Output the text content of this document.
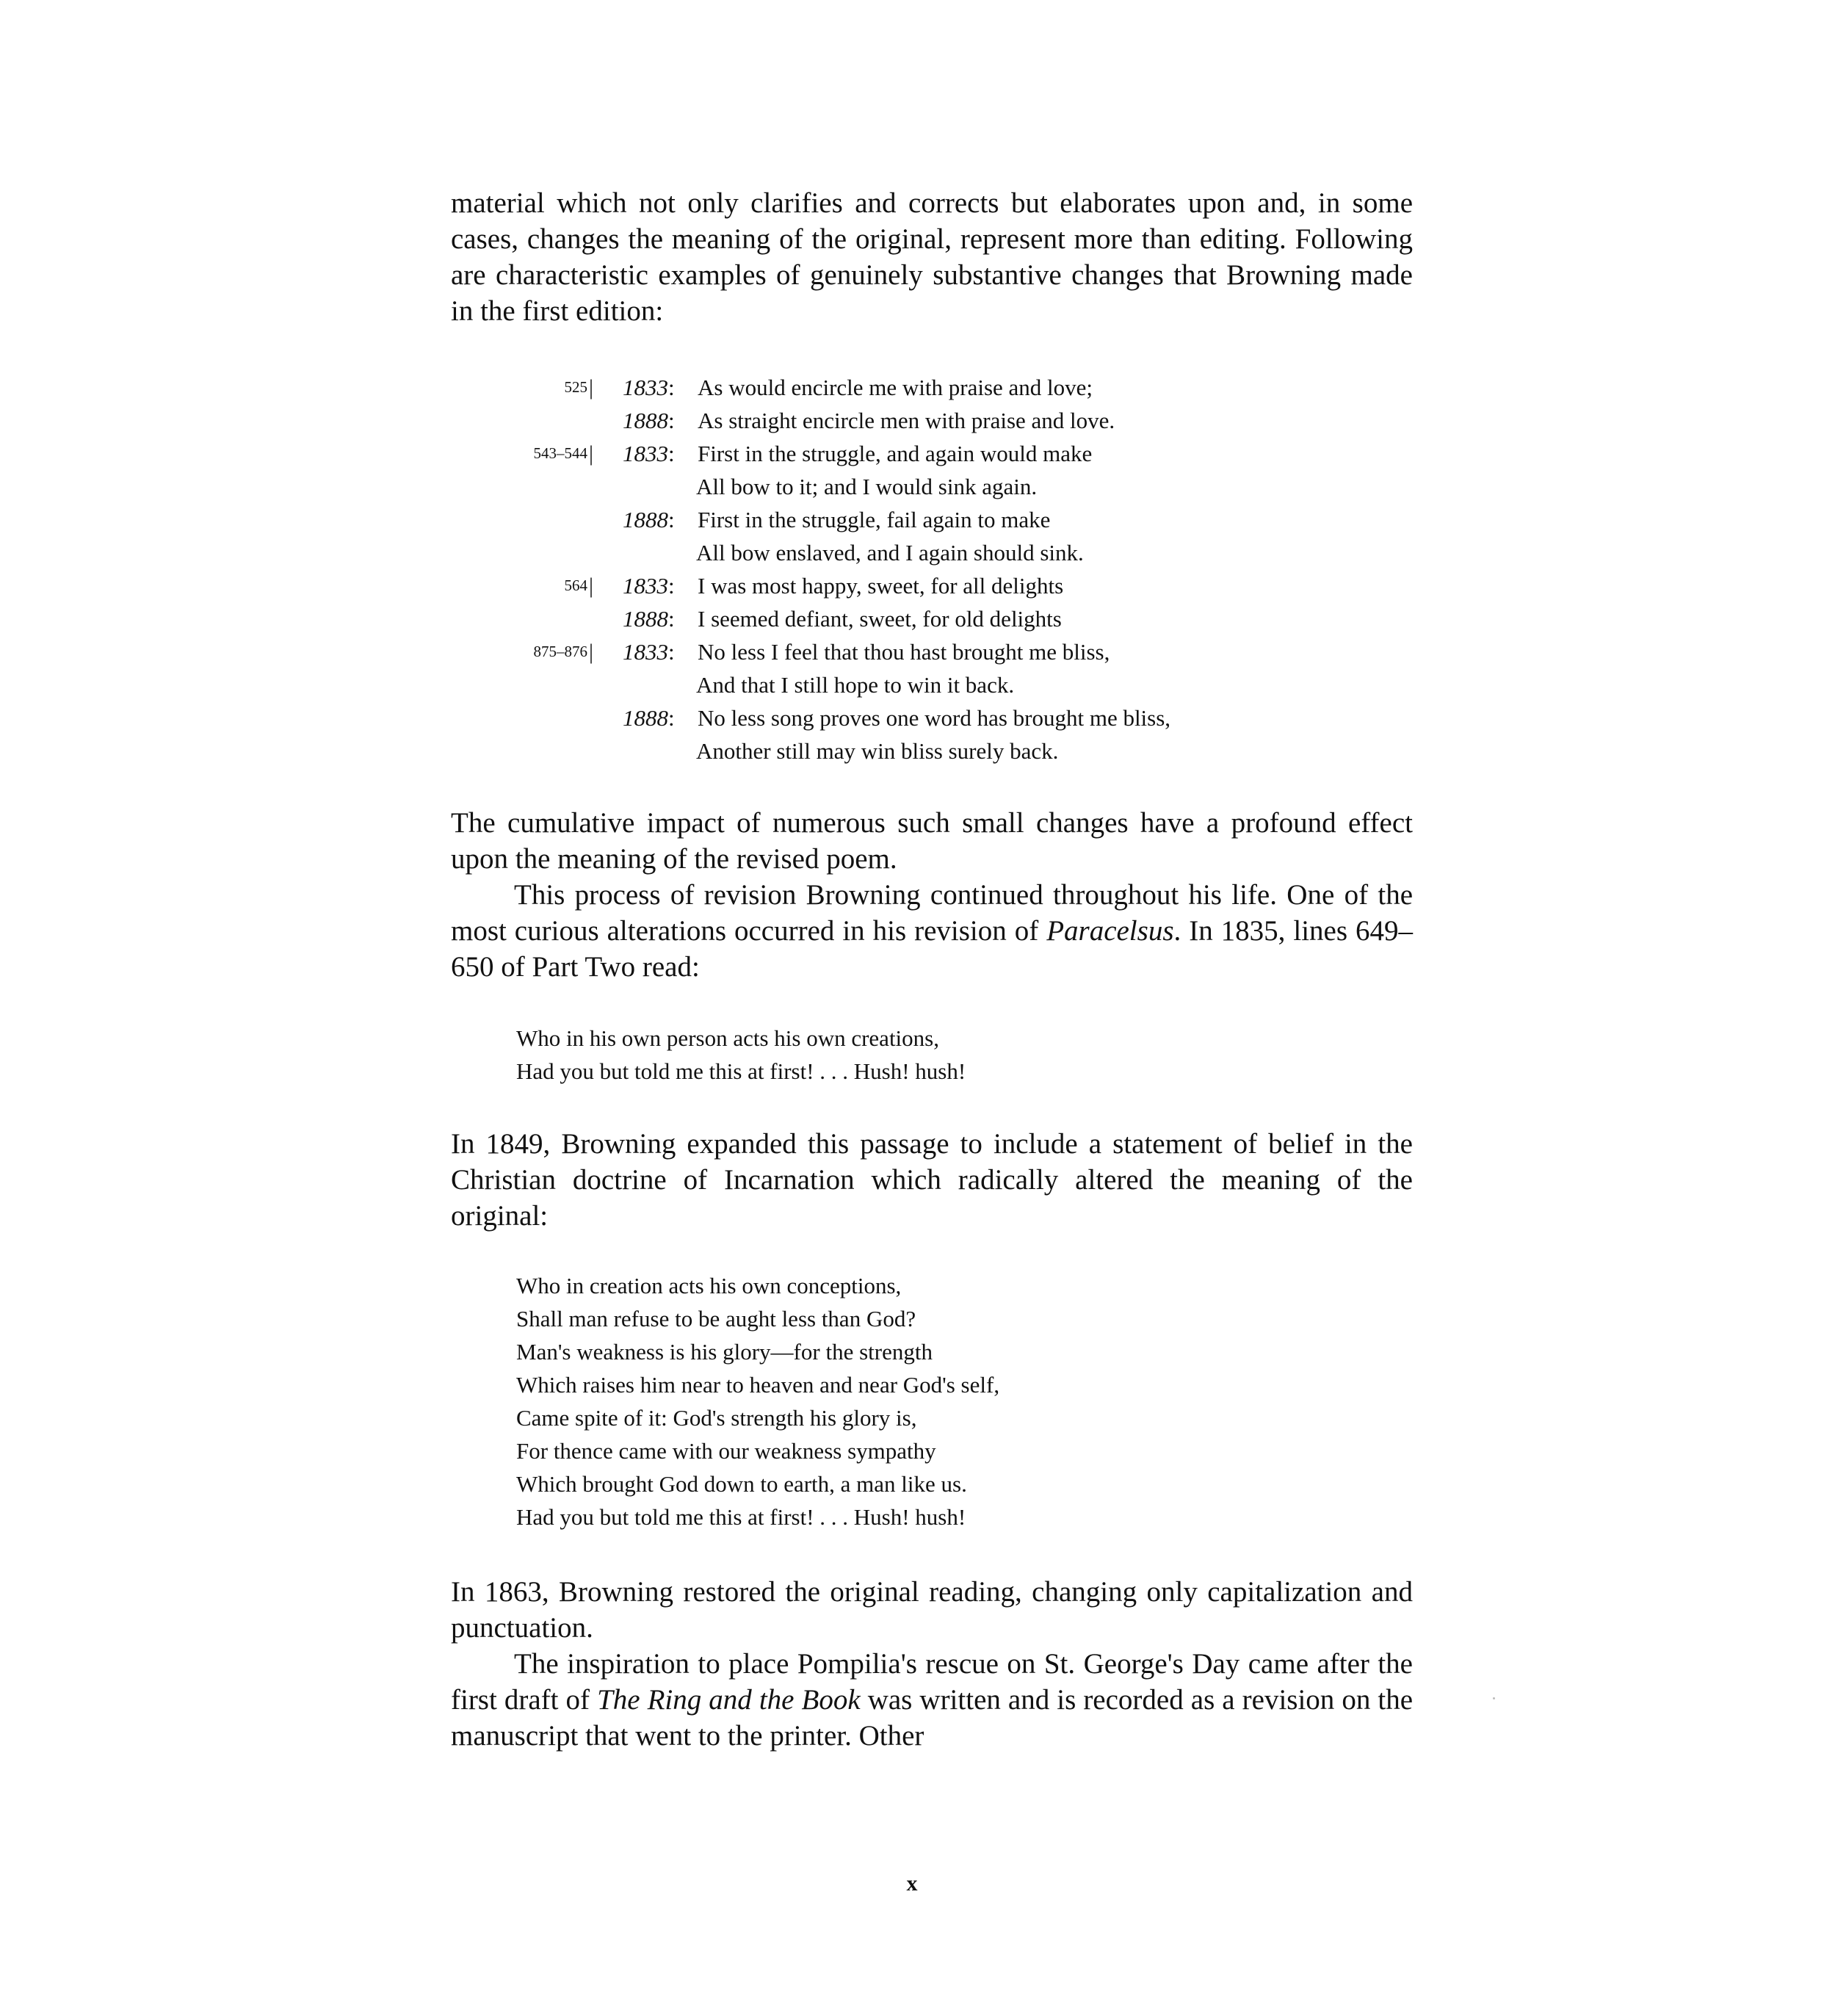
material which not only clarifies and corrects but elaborates upon and, in some cases, changes the meaning of the original, represent more than editing. Following are characteristic examples of genuinely substantive changes that Browning made in the first edition:

525 | 1833: As would encircle me with praise and love;
1888: As straight encircle men with praise and love.
543–544 | 1833: First in the struggle, and again would make
All bow to it; and I would sink again.
1888: First in the struggle, fail again to make
All bow enslaved, and I again should sink.
564 | 1833: I was most happy, sweet, for all delights
1888: I seemed defiant, sweet, for old delights
875–876 | 1833: No less I feel that thou hast brought me bliss,
And that I still hope to win it back.
1888: No less song proves one word has brought me bliss,
Another still may win bliss surely back.

The cumulative impact of numerous such small changes have a profound effect upon the meaning of the revised poem.

This process of revision Browning continued throughout his life. One of the most curious alterations occurred in his revision of Paracelsus. In 1835, lines 649–650 of Part Two read:

Who in his own person acts his own creations,
Had you but told me this at first! . . . Hush! hush!

In 1849, Browning expanded this passage to include a statement of belief in the Christian doctrine of Incarnation which radically altered the meaning of the original:

Who in creation acts his own conceptions,
Shall man refuse to be aught less than God?
Man's weakness is his glory—for the strength
Which raises him near to heaven and near God's self,
Came spite of it: God's strength his glory is,
For thence came with our weakness sympathy
Which brought God down to earth, a man like us.
Had you but told me this at first! . . . Hush! hush!

In 1863, Browning restored the original reading, changing only capitalization and punctuation.

The inspiration to place Pompilia's rescue on St. George's Day came after the first draft of The Ring and the Book was written and is recorded as a revision on the manuscript that went to the printer. Other

x
